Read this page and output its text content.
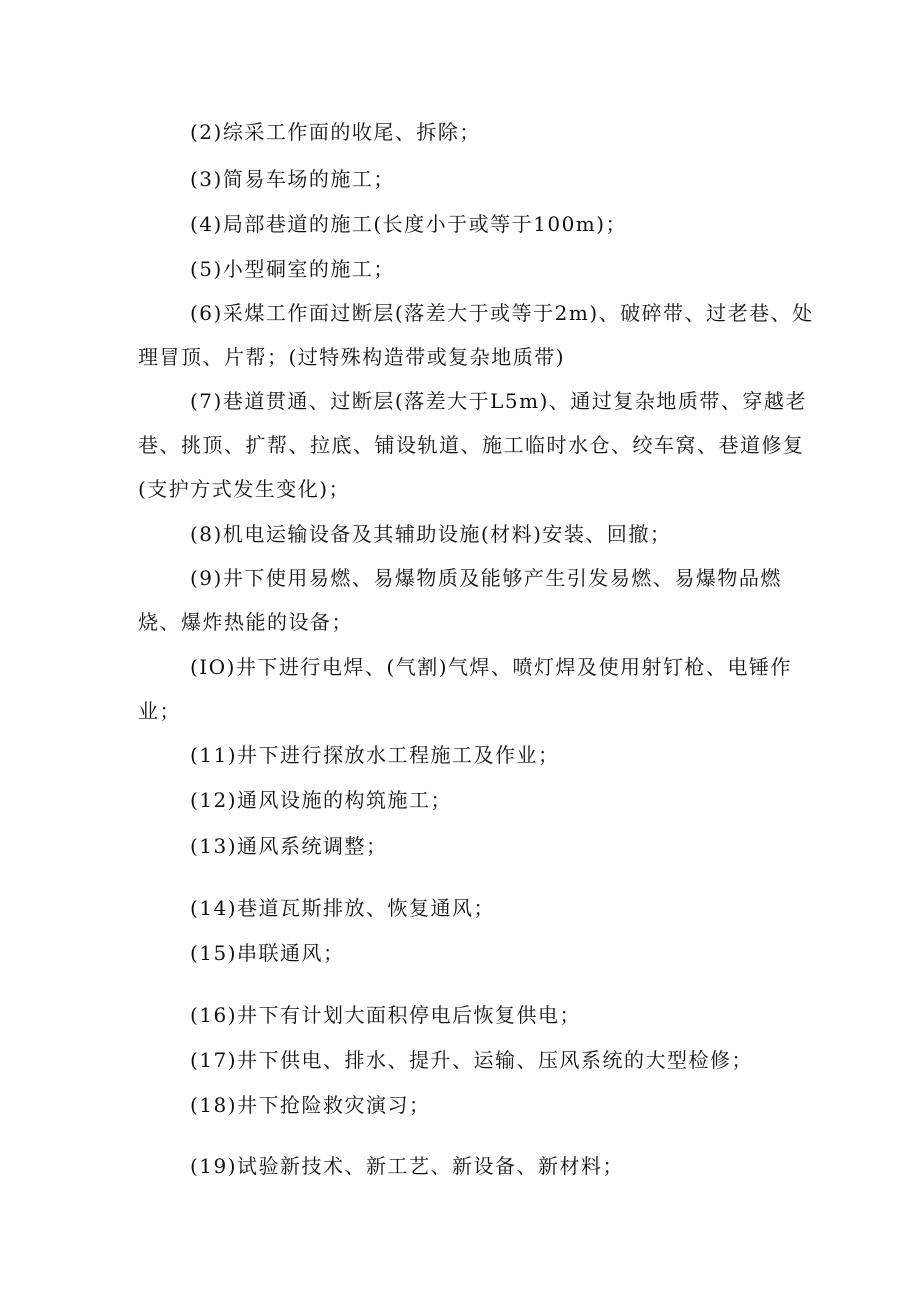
(2)综采工作面的收尾、拆除；

(3)简易车场的施工；

(4)局部巷道的施工(长度小于或等于100m)；

(5)小型硐室的施工；

(6)采煤工作面过断层(落差大于或等于2m)、破碎带、过老巷、处理冒顶、片帮；(过特殊构造带或复杂地质带)

(7)巷道贯通、过断层(落差大于L5m)、通过复杂地质带、穿越老巷、挑顶、扩帮、拉底、铺设轨道、施工临时水仓、绞车窝、巷道修复(支护方式发生变化)；

(8)机电运输设备及其辅助设施(材料)安装、回撤；

(9)井下使用易燃、易爆物质及能够产生引发易燃、易爆物品燃烧、爆炸热能的设备；

(IO)井下进行电焊、(气割)气焊、喷灯焊及使用射钉枪、电锤作业；

(11)井下进行探放水工程施工及作业；

(12)通风设施的构筑施工；

(13)通风系统调整；

(14)巷道瓦斯排放、恢复通风；

(15)串联通风；

(16)井下有计划大面积停电后恢复供电；

(17)井下供电、排水、提升、运输、压风系统的大型检修；

(18)井下抢险救灾演习；

(19)试验新技术、新工艺、新设备、新材料；
